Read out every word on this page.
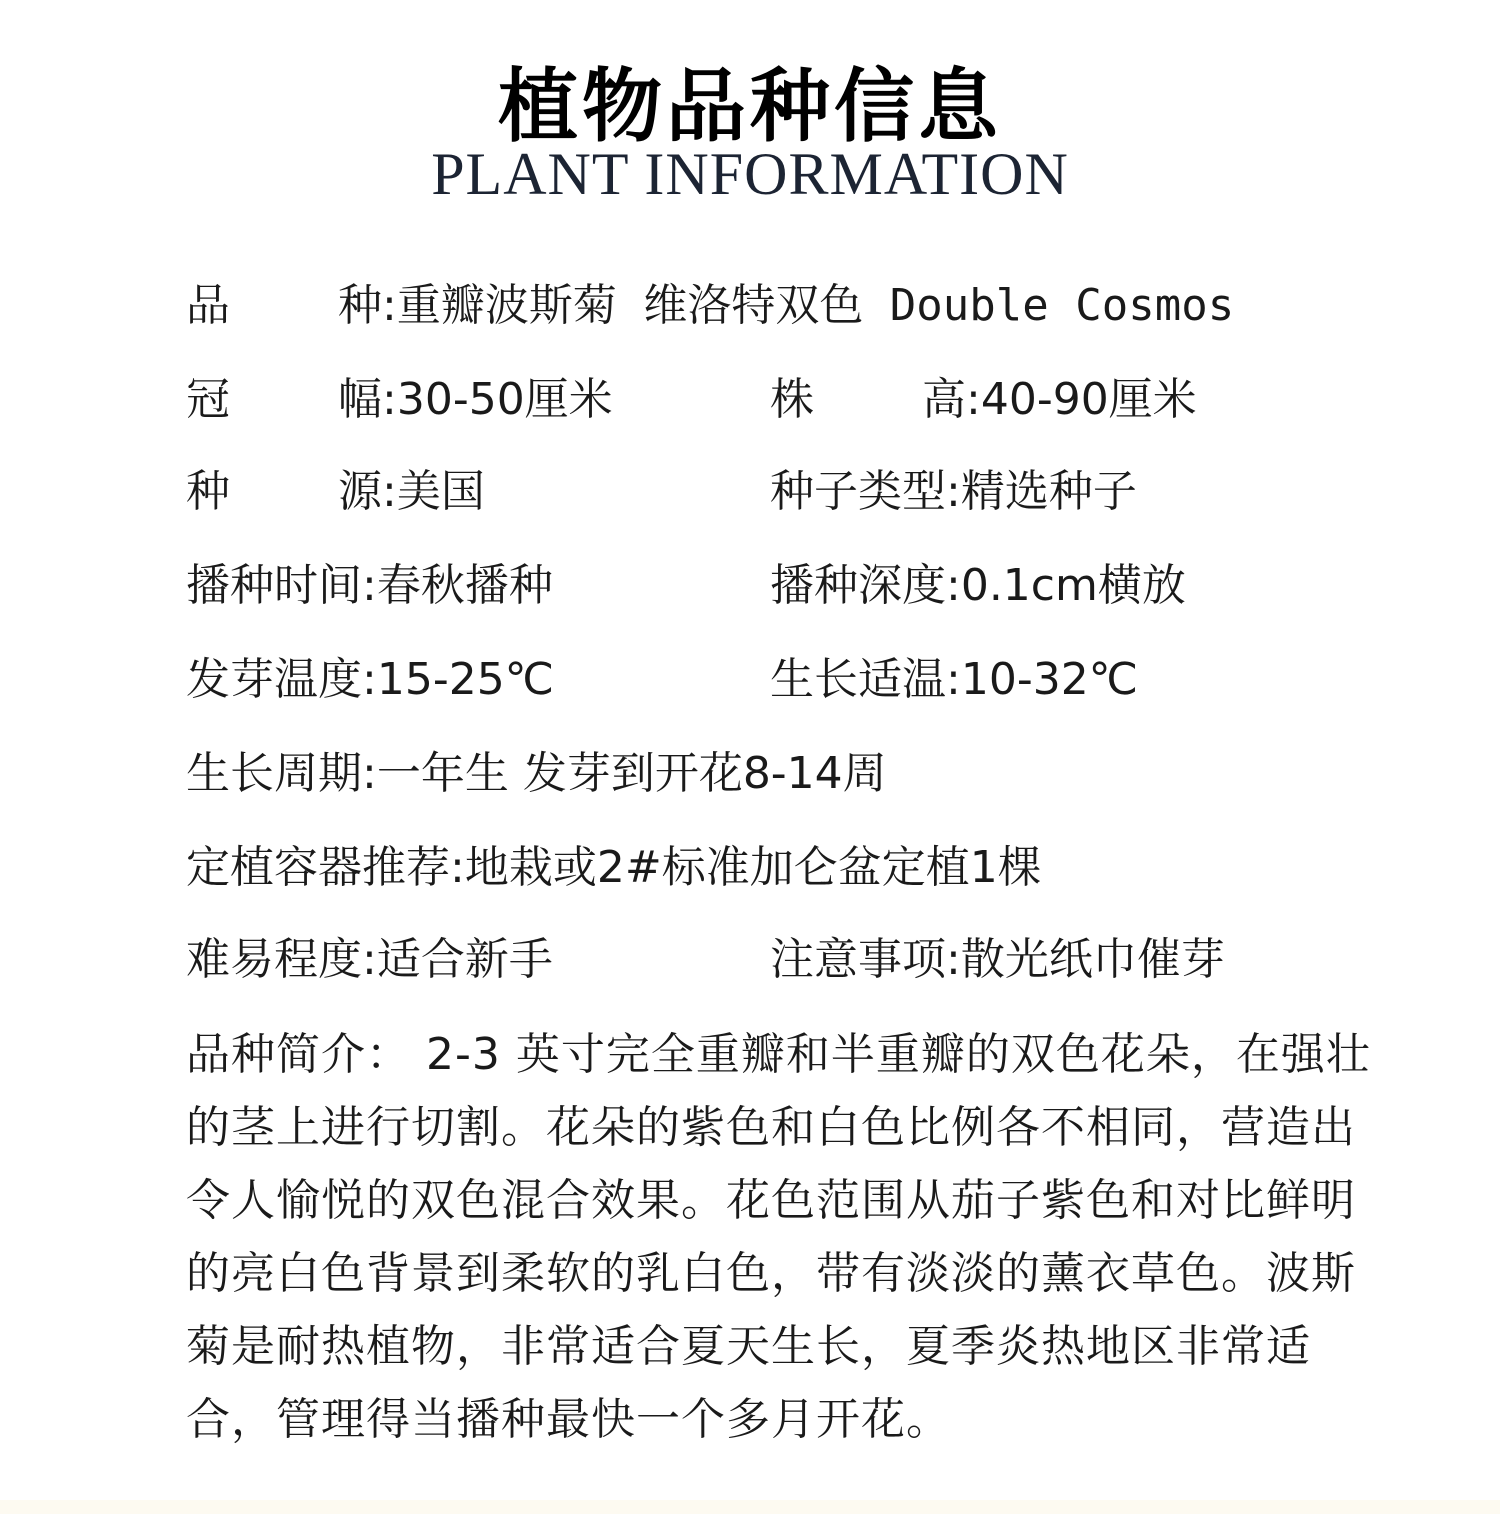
植物品种信息
PLANT INFORMATION
品 种 :重瓣波斯菊 维洛特双色 Double Cosmos
冠 幅 :30-50厘米	株 高 :40-90厘米
种 源 :美国	种子类型:精选种子
播种时间:春秋播种	播种深度:0.1cm横放
发芽温度:15-25℃	生长适温:10-32℃
生长周期:一年生 发芽到开花8-14周
定植容器推荐:地栽或2#标准加仑盆定植1棵
难易程度:适合新手	注意事项:散光纸巾催芽
品种简介： 2-3 英寸完全重瓣和半重瓣的双色花朵，在强壮的茎上进行切割。花朵的紫色和白色比例各不相同，营造出令人愉悦的双色混合效果。花色范围从茄子紫色和对比鲜明的亮白色背景到柔软的乳白色，带有淡淡的薰衣草色。波斯菊是耐热植物，非常适合夏天生长，夏季炎热地区非常适合，管理得当播种最快一个多月开花。
